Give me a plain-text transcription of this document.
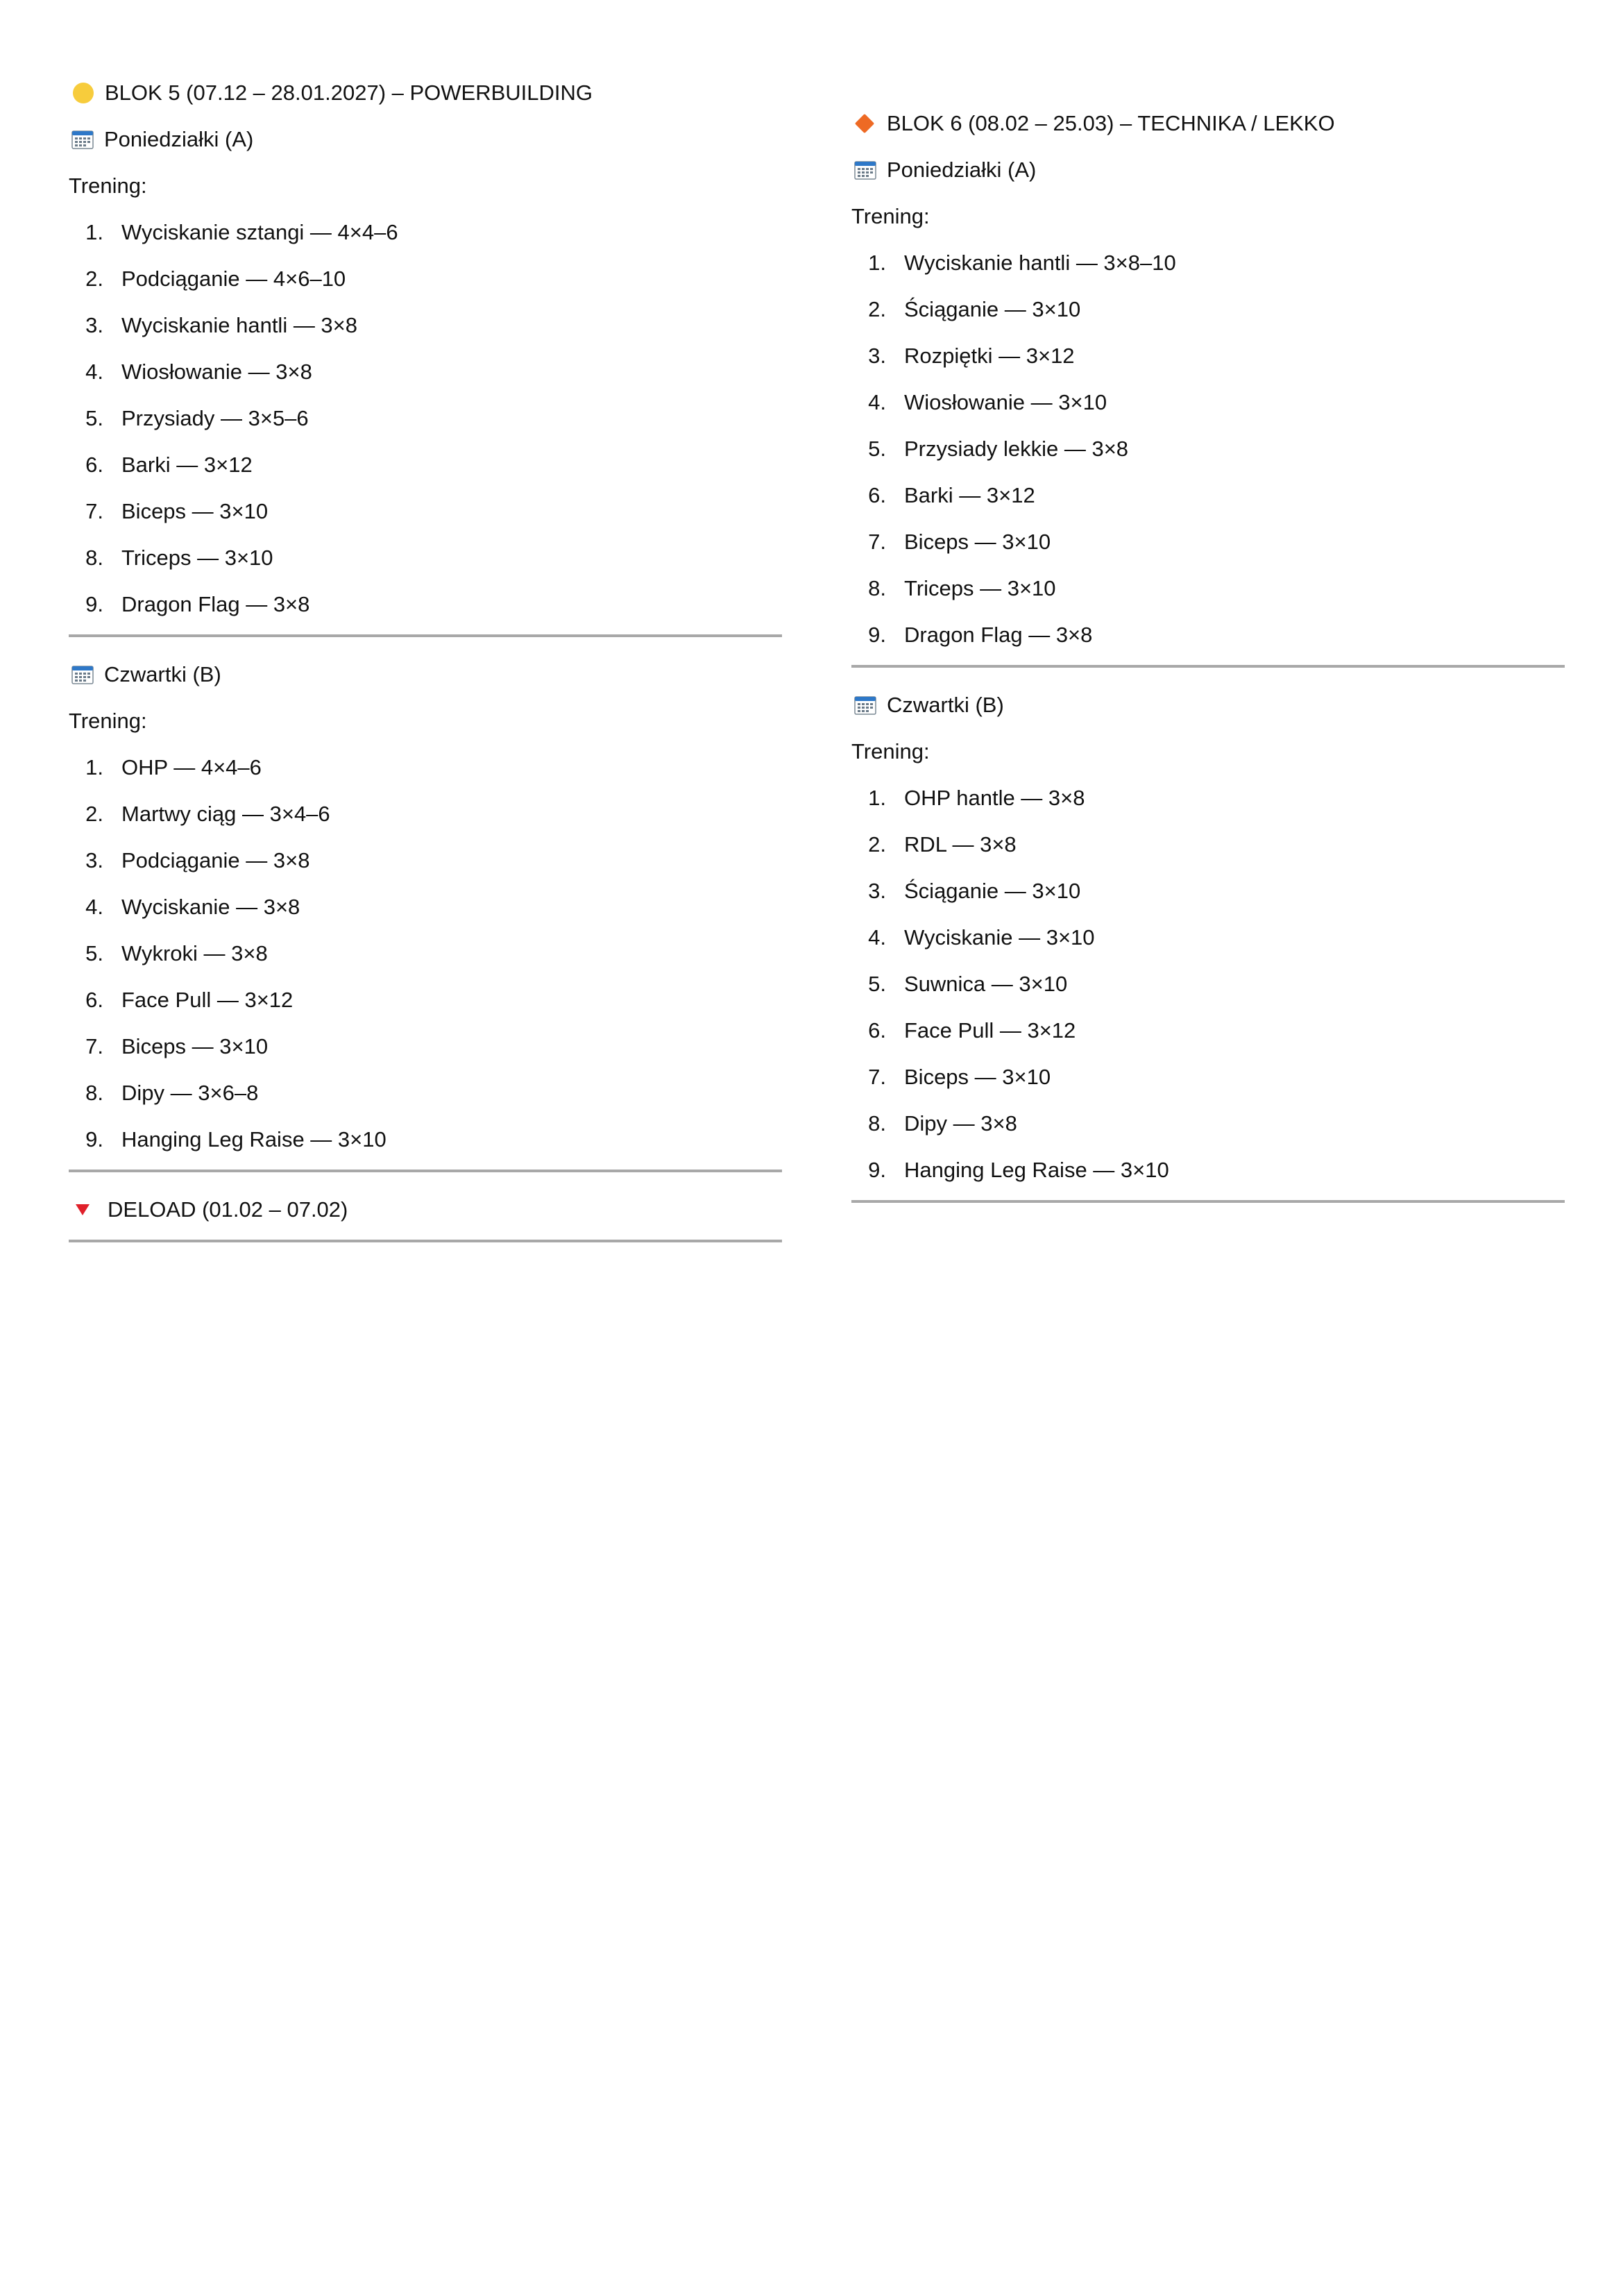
BLOK 5 (07.12 – 28.01.2027) – POWERBUILDING
Poniedziałki (A)
Trening:
1. Wyciskanie sztangi — 4×4–6
2. Podciąganie — 4×6–10
3. Wyciskanie hantli — 3×8
4. Wiosłowanie — 3×8
5. Przysiady — 3×5–6
6. Barki — 3×12
7. Biceps — 3×10
8. Triceps — 3×10
9. Dragon Flag — 3×8
Czwartki (B)
Trening:
1. OHP — 4×4–6
2. Martwy ciąg — 3×4–6
3. Podciąganie — 3×8
4. Wyciskanie — 3×8
5. Wykroki — 3×8
6. Face Pull — 3×12
7. Biceps — 3×10
8. Dipy — 3×6–8
9. Hanging Leg Raise — 3×10
DELOAD (01.02 – 07.02)
BLOK 6 (08.02 – 25.03) – TECHNIKA / LEKKO
Poniedziałki (A)
Trening:
1. Wyciskanie hantli — 3×8–10
2. Ściąganie — 3×10
3. Rozpiętki — 3×12
4. Wiosłowanie — 3×10
5. Przysiady lekkie — 3×8
6. Barki — 3×12
7. Biceps — 3×10
8. Triceps — 3×10
9. Dragon Flag — 3×8
Czwartki (B)
Trening:
1. OHP hantle — 3×8
2. RDL — 3×8
3. Ściąganie — 3×10
4. Wyciskanie — 3×10
5. Suwnica — 3×10
6. Face Pull — 3×12
7. Biceps — 3×10
8. Dipy — 3×8
9. Hanging Leg Raise — 3×10
